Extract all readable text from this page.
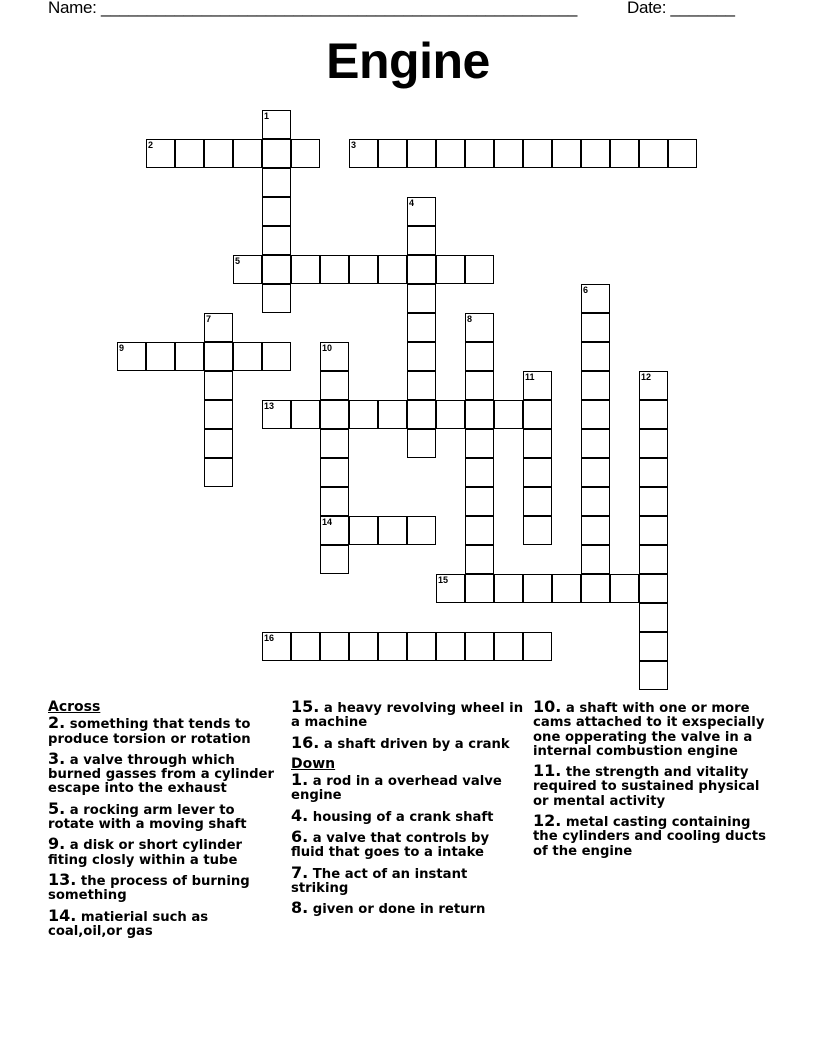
Name: ____________________________________________________	Date: _______
Engine
1
2	3
4
5
6
7	8
9	10
14
11	12
13
15
16
Across
2. something that tends to produce torsion or rotation
3. a valve through which burned gasses from a cylinder escape into the exhaust
5. a rocking arm lever to rotate with a moving shaft
9. a disk or short cylinder fiting closly within a tube
13. the process of burning something
14. matierial such as coal,oil,or gas
15. a heavy revolving wheel in a machine
16. a shaft driven by a crank
Down
1. a rod in a overhead valve engine
4. housing of a crank shaft
6. a valve that controls by fluid that goes to a intake
7. The act of an instant striking
8. given or done in return
10. a shaft with one or more cams attached to it exspecially one opperating the valve in a internal combustion engine
11. the strength and vitality required to sustained physical or mental activity
12. metal casting containing the cylinders and cooling ducts of the engine
